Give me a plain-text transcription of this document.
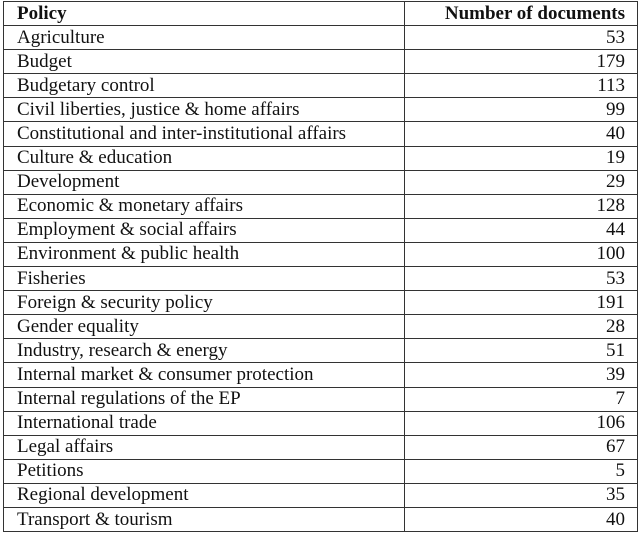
Policy	Number of documents
Agriculture	53
Budget	179
Budgetary control	113
Civil liberties, justice & home affairs	99
Constitutional and inter-institutional affairs	40
Culture & education	19
Development	29
Economic & monetary affairs	128
Employment & social affairs	44
Environment & public health	100
Fisheries	53
Foreign & security policy	191
Gender equality	28
Industry, research & energy	51
Internal market & consumer protection	39
Internal regulations of the EP	7
International trade	106
Legal affairs	67
Petitions	5
Regional development	35
Transport & tourism	40
